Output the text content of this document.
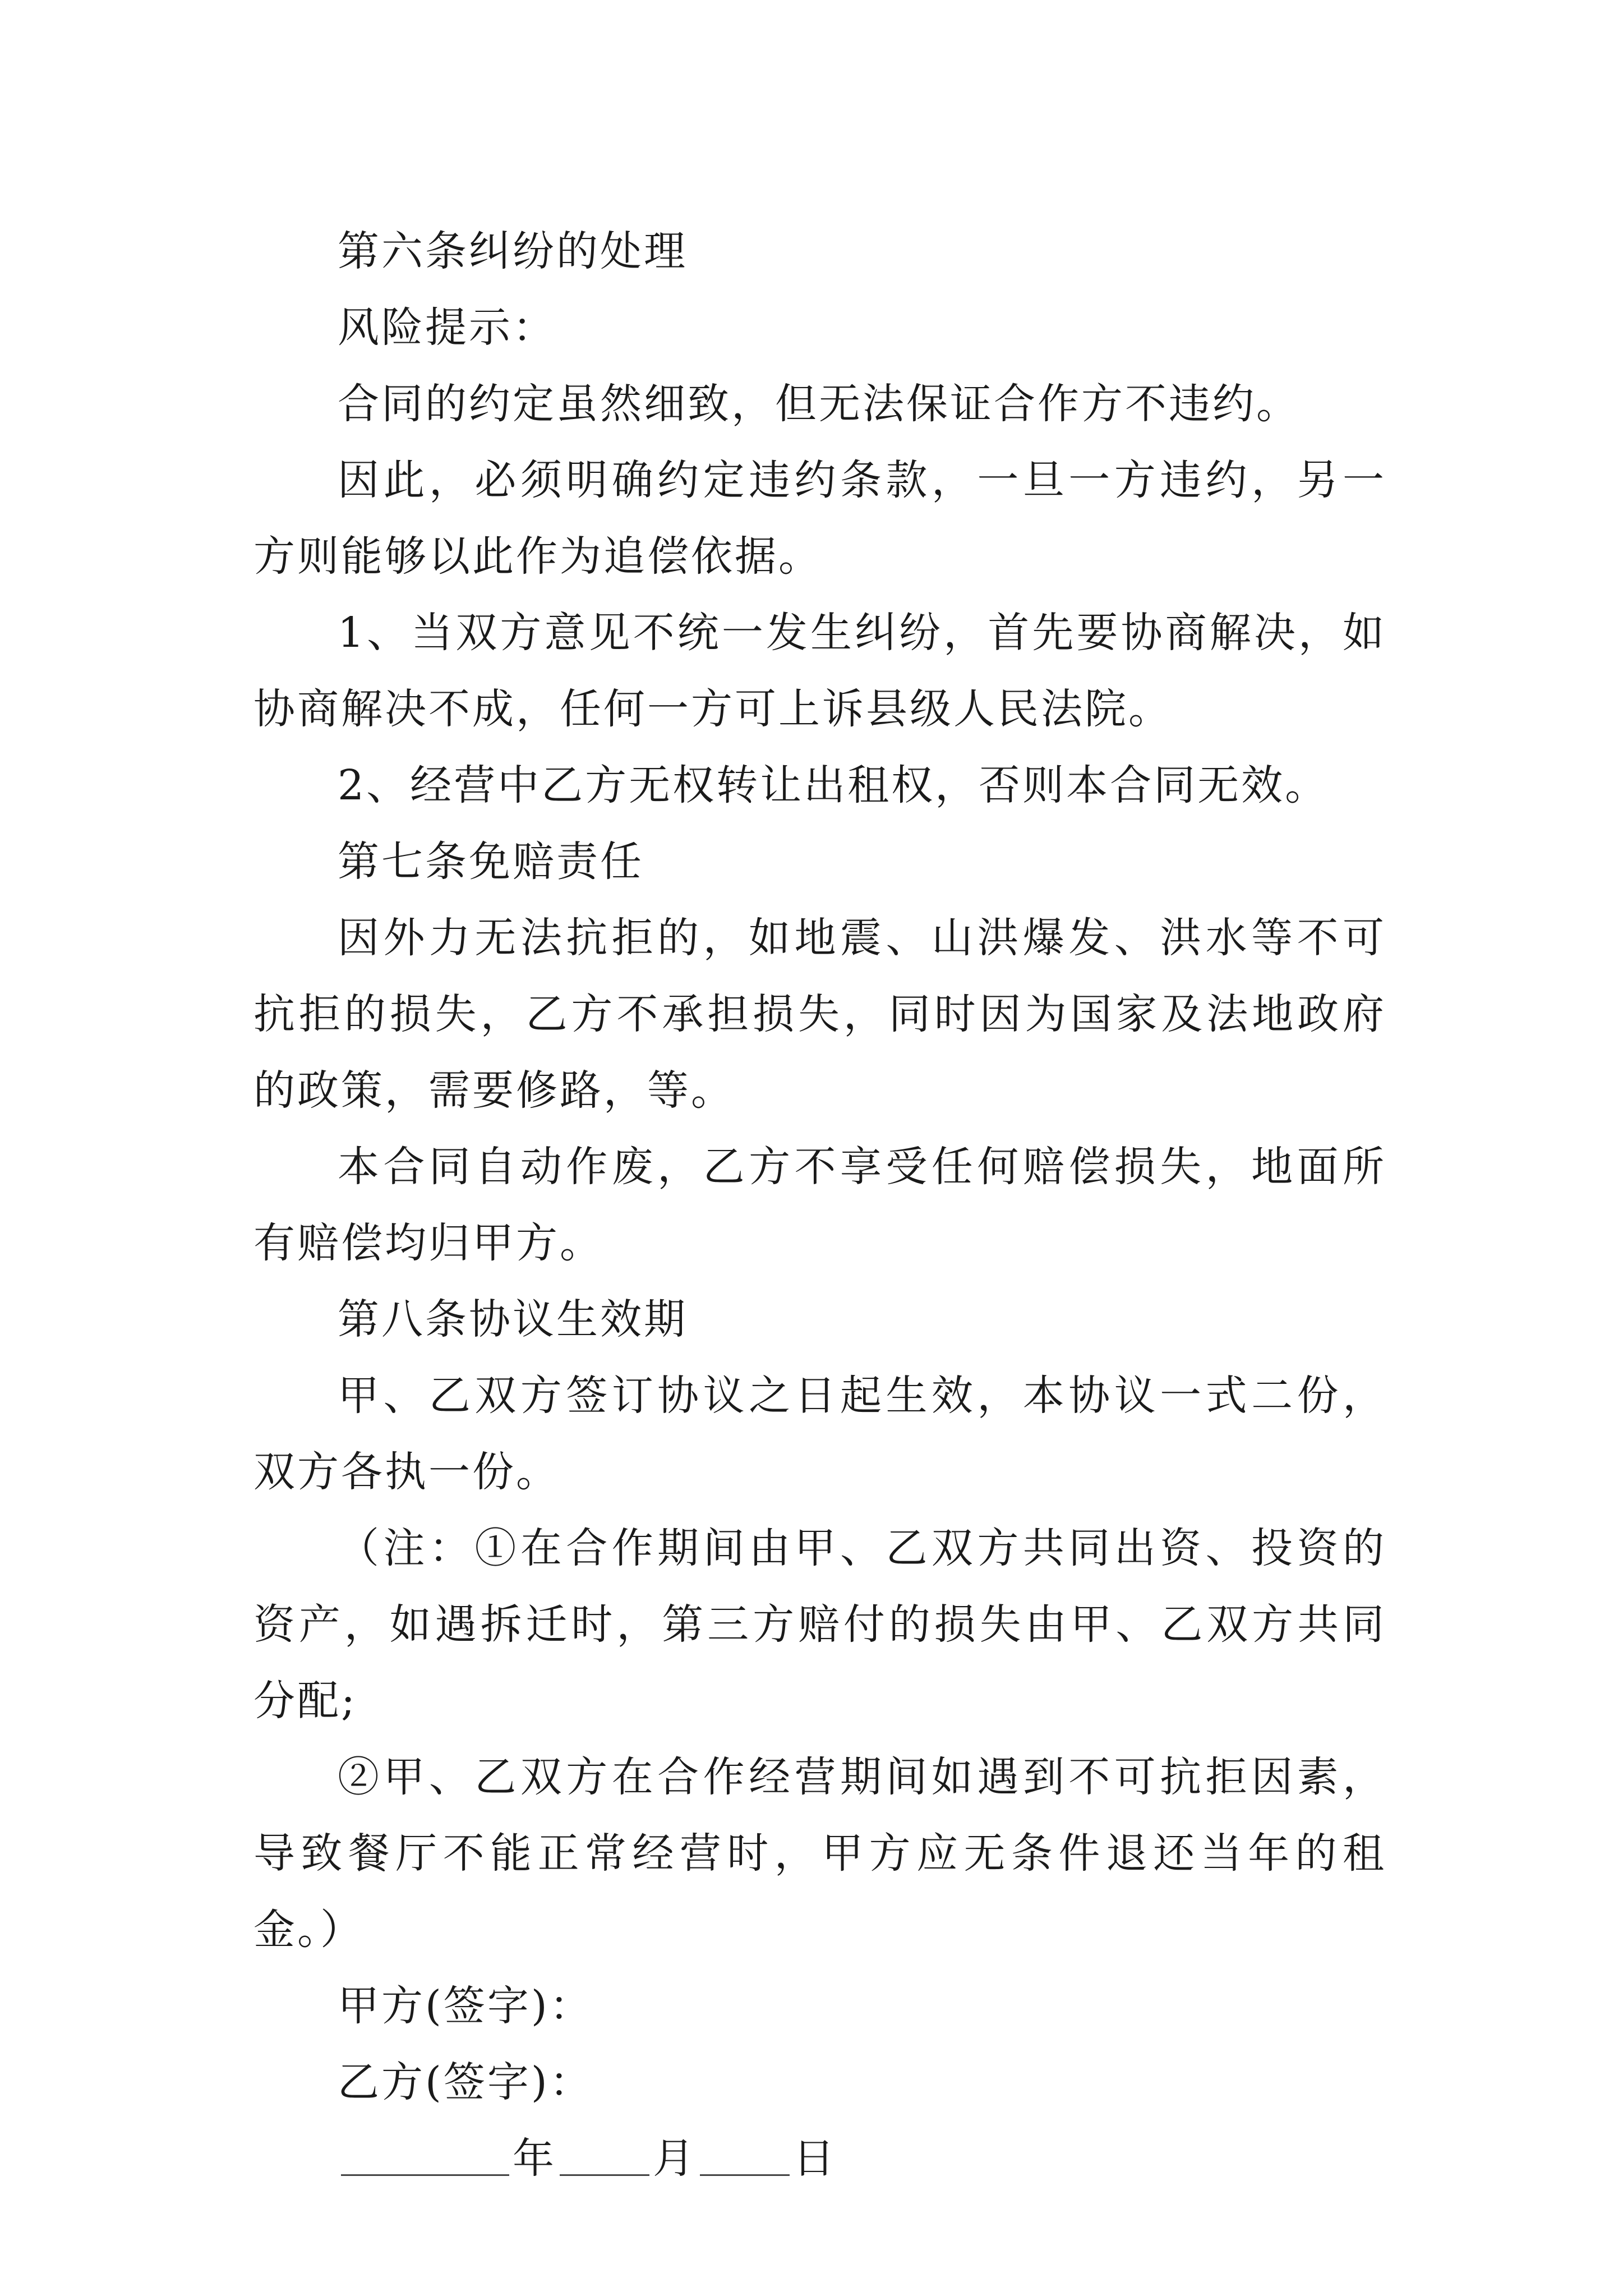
第六条纠纷的处理

风险提示：

合同的约定虽然细致，但无法保证合作方不违约。

因此，必须明确约定违约条款，一旦一方违约，另一方则能够以此作为追偿依据。

1、当双方意见不统一发生纠纷，首先要协商解决，如协商解决不成，任何一方可上诉县级人民法院。

2、经营中乙方无权转让出租权，否则本合同无效。

第七条免赔责任

因外力无法抗拒的，如地震、山洪爆发、洪水等不可抗拒的损失，乙方不承担损失，同时因为国家及法地政府的政策，需要修路，等。

本合同自动作废，乙方不享受任何赔偿损失，地面所有赔偿均归甲方。

第八条协议生效期

甲、乙双方签订协议之日起生效，本协议一式二份，双方各执一份。

（注：①在合作期间由甲、乙双方共同出资、投资的资产，如遇拆迁时，第三方赔付的损失由甲、乙双方共同分配;

②甲、乙双方在合作经营期间如遇到不可抗拒因素，导致餐厅不能正常经营时，甲方应无条件退还当年的租金。）

甲方(签字)：

乙方(签字)：

年 月 日
